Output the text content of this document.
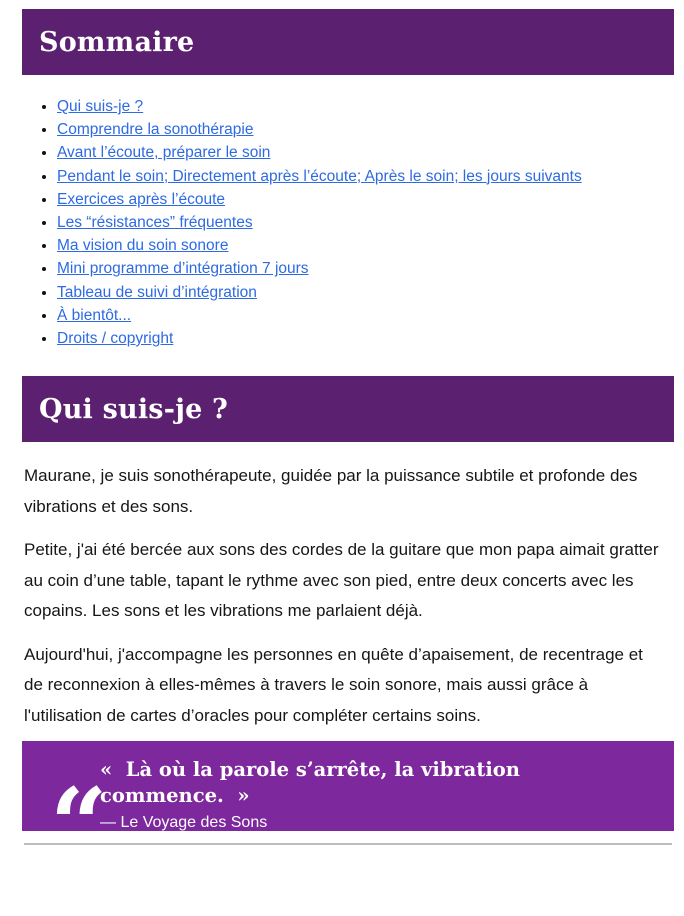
Sommaire
• Qui suis-je ?
• Comprendre la sonothérapie
• Avant l’écoute, préparer le soin
• Pendant le soin; Directement après l’écoute; Après le soin; les jours suivants
• Exercices après l’écoute
• Les “résistances” fréquentes
• Ma vision du soin sonore
• Mini programme d’intégration 7 jours
• Tableau de suivi d’intégration
• À bientôt...
• Droits / copyright
Qui suis-je ?

Maurane, je suis sonothérapeute, guidée par la puissance subtile et profonde des vibrations et des sons.

Petite, j'ai été bercée aux sons des cordes de la guitare que mon papa aimait gratter au coin d’une table, tapant le rythme avec son pied, entre deux concerts avec les copains. Les sons et les vibrations me parlaient déjà.

Aujourd'hui, j'accompagne les personnes en quête d’apaisement, de recentrage et de reconnexion à elles-mêmes à travers le soin sonore, mais aussi grâce à l'utilisation de cartes d’oracles pour compléter certains soins.

“
«  Là où la parole s’arrête, la vibration commence.  »
— Le Voyage des Sons
